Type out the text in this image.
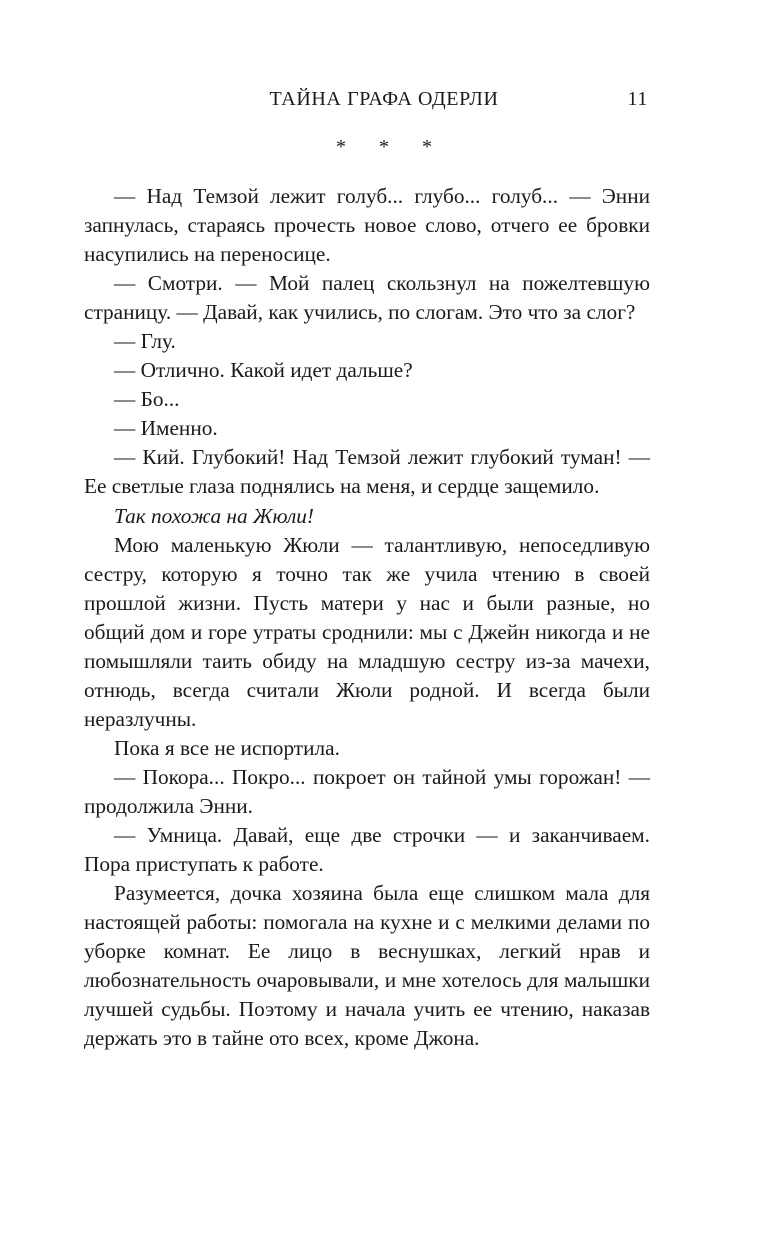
ТАЙНА ГРАФА ОДЕРЛИ	11
* * *

— Над Темзой лежит голуб... глубо... голуб... — Энни запнулась, стараясь прочесть новое слово, отчего ее бровки насупились на переносице.

— Смотри. — Мой палец скользнул на пожелтевшую страницу. — Давай, как учились, по слогам. Это что за слог?

— Глу.

— Отлично. Какой идет дальше?

— Бо...

— Именно.

— Кий. Глубокий! Над Темзой лежит глубокий туман! — Ее светлые глаза поднялись на меня, и сердце защемило.

Так похожа на Жюли!

Мою маленькую Жюли — талантливую, непоседливую сестру, которую я точно так же учила чтению в своей прошлой жизни. Пусть матери у нас и были разные, но общий дом и горе утраты сроднили: мы с Джейн никогда и не помышляли таить обиду на младшую сестру из-за мачехи, отнюдь, всегда считали Жюли родной. И всегда были неразлучны.

Пока я все не испортила.

— Покора... Покро... покроет он тайной умы горожан! — продолжила Энни.

— Умница. Давай, еще две строчки — и заканчиваем. Пора приступать к работе.

Разумеется, дочка хозяина была еще слишком мала для настоящей работы: помогала на кухне и с мелкими делами по уборке комнат. Ее лицо в веснушках, легкий нрав и любознательность очаровывали, и мне хотелось для малышки лучшей судьбы. Поэтому и начала учить ее чтению, наказав держать это в тайне ото всех, кроме Джона.
